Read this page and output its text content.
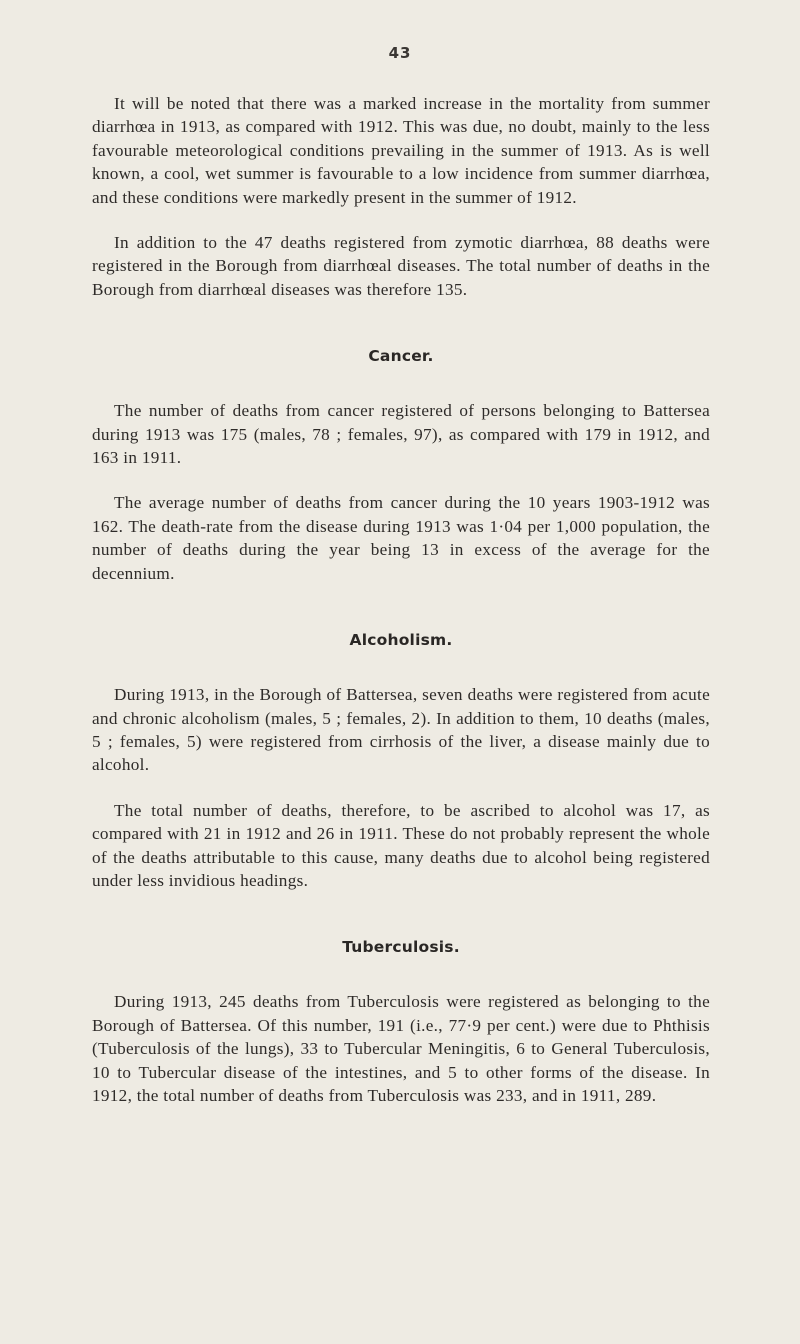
43

It will be noted that there was a marked increase in the mortality from summer diarrhœa in 1913, as compared with 1912. This was due, no doubt, mainly to the less favourable meteorological conditions prevailing in the summer of 1913. As is well known, a cool, wet summer is favourable to a low incidence from summer diarrhœa, and these conditions were markedly present in the summer of 1912.

In addition to the 47 deaths registered from zymotic diarrhœa, 88 deaths were registered in the Borough from diarrhœal diseases. The total number of deaths in the Borough from diarrhœal diseases was therefore 135.

Cancer.

The number of deaths from cancer registered of persons belonging to Battersea during 1913 was 175 (males, 78 ; females, 97), as compared with 179 in 1912, and 163 in 1911.

The average number of deaths from cancer during the 10 years 1903-1912 was 162. The death-rate from the disease during 1913 was 1·04 per 1,000 population, the number of deaths during the year being 13 in excess of the average for the decennium.

Alcoholism.

During 1913, in the Borough of Battersea, seven deaths were registered from acute and chronic alcoholism (males, 5 ; females, 2). In addition to them, 10 deaths (males, 5 ; females, 5) were registered from cirrhosis of the liver, a disease mainly due to alcohol.

The total number of deaths, therefore, to be ascribed to alcohol was 17, as compared with 21 in 1912 and 26 in 1911. These do not probably represent the whole of the deaths attributable to this cause, many deaths due to alcohol being registered under less invidious headings.

Tuberculosis.

During 1913, 245 deaths from Tuberculosis were registered as belonging to the Borough of Battersea. Of this number, 191 (i.e., 77·9 per cent.) were due to Phthisis (Tuberculosis of the lungs), 33 to Tubercular Meningitis, 6 to General Tuberculosis, 10 to Tubercular disease of the intestines, and 5 to other forms of the disease. In 1912, the total number of deaths from Tuberculosis was 233, and in 1911, 289.
